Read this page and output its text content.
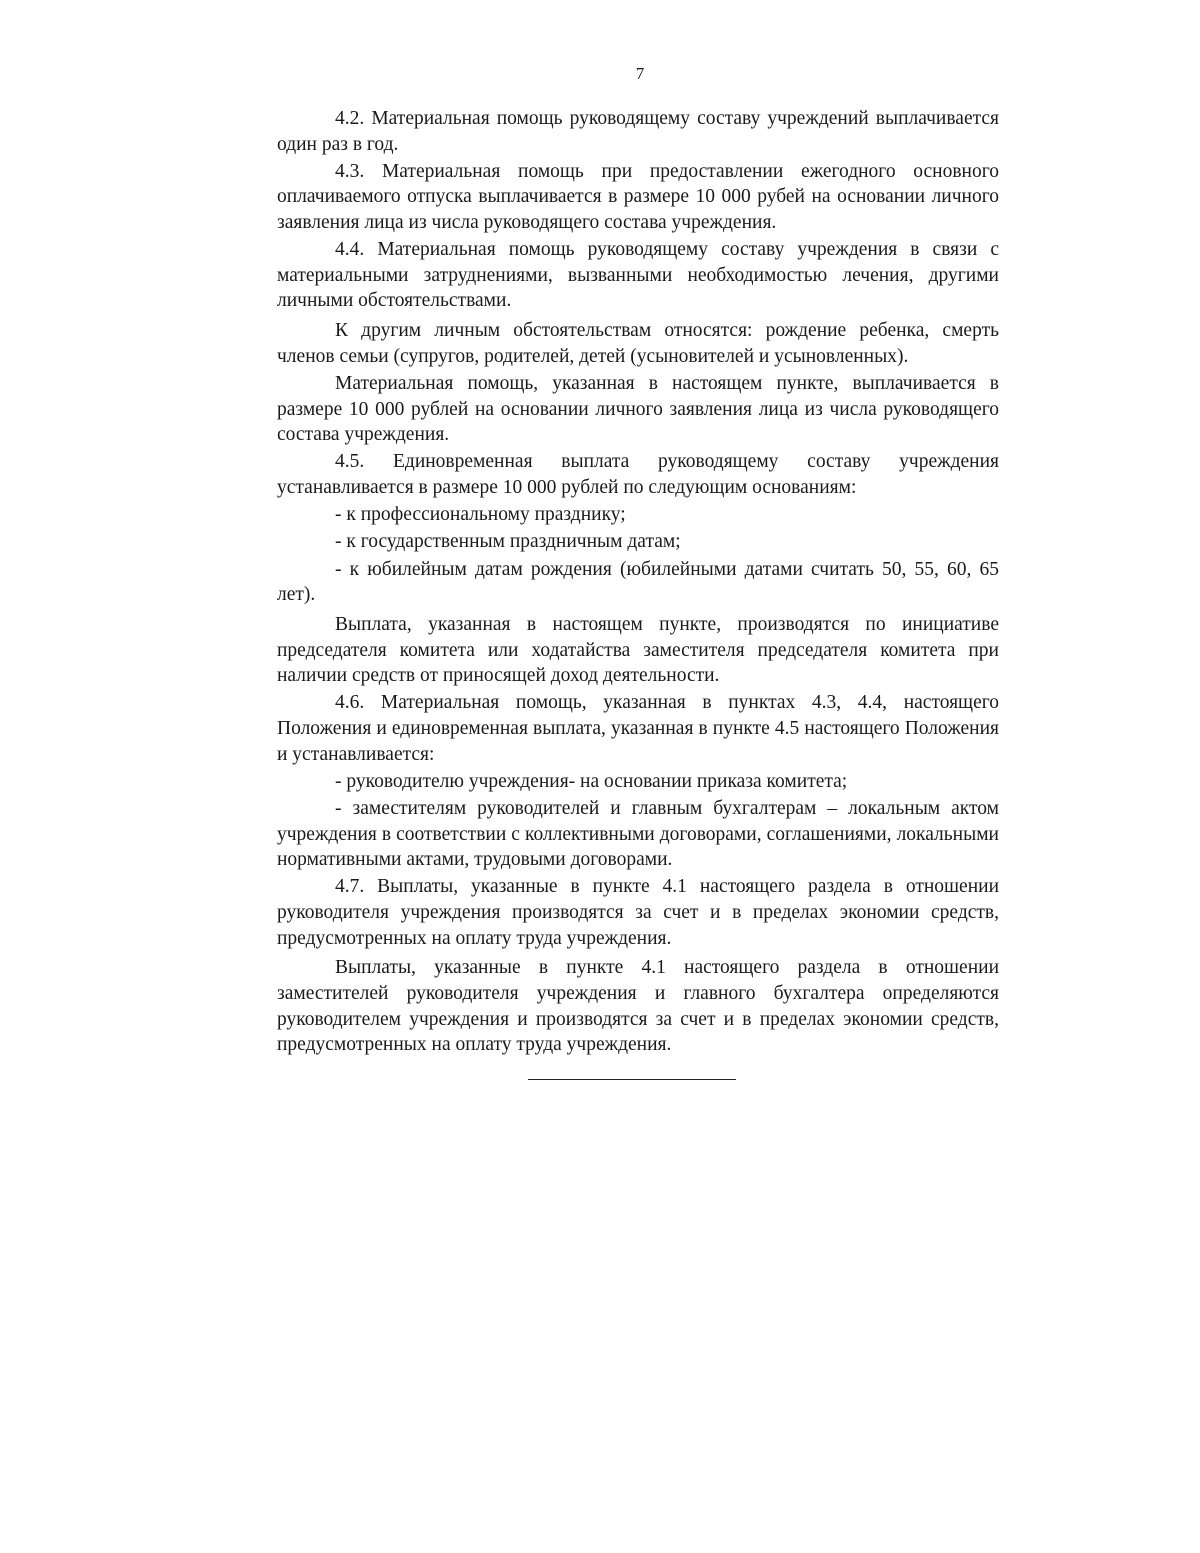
7

4.2. Материальная помощь руководящему составу учреждений выплачивается один раз в год.

4.3. Материальная помощь при предоставлении ежегодного основного оплачиваемого отпуска выплачивается в размере 10 000 рубей на основании личного заявления лица из числа руководящего состава учреждения.

4.4. Материальная помощь руководящему составу учреждения в связи с материальными затруднениями, вызванными необходимостью лечения, другими личными обстоятельствами.

К другим личным обстоятельствам относятся: рождение ребенка, смерть членов семьи (супругов, родителей, детей (усыновителей и усыновленных).

Материальная помощь, указанная в настоящем пункте, выплачивается в размере 10 000 рублей на основании личного заявления лица из числа руководящего состава учреждения.

4.5. Единовременная выплата руководящему составу учреждения устанавливается в размере 10 000 рублей по следующим основаниям:

- к профессиональному празднику;

- к государственным праздничным датам;

- к юбилейным датам рождения (юбилейными датами считать 50, 55, 60, 65 лет).

Выплата, указанная в настоящем пункте, производятся по инициативе председателя комитета или ходатайства заместителя председателя комитета при наличии средств от приносящей доход деятельности.

4.6. Материальная помощь, указанная в пунктах 4.3, 4.4, настоящего Положения и единовременная выплата, указанная в пункте 4.5 настоящего Положения и устанавливается:

- руководителю учреждения- на основании приказа комитета;

- заместителям руководителей и главным бухгалтерам – локальным актом учреждения в соответствии с коллективными договорами, соглашениями, локальными нормативными актами, трудовыми договорами.

4.7. Выплаты, указанные в пункте 4.1 настоящего раздела в отношении руководителя учреждения производятся за счет и в пределах экономии средств, предусмотренных на оплату труда учреждения.

Выплаты, указанные в пункте 4.1 настоящего раздела в отношении заместителей руководителя учреждения и главного бухгалтера определяются руководителем учреждения и производятся за счет и в пределах экономии средств, предусмотренных на оплату труда учреждения.
